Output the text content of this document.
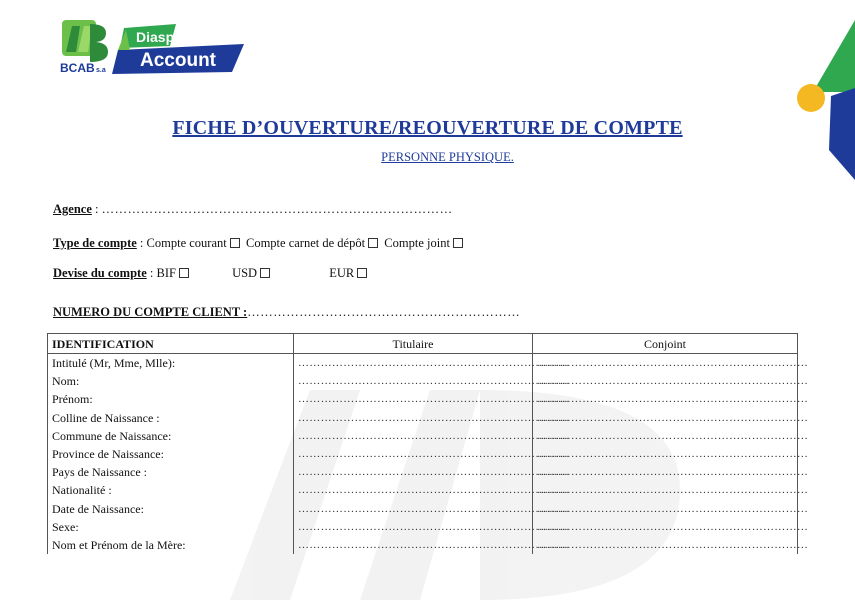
BCAB s.a
Diaspora
Account
FICHE D’OUVERTURE/REOUVERTURE DE COMPTE
PERSONNE PHYSIQUE.
Agence : ………………………………………………………………………
Type de compte : Compte courant Compte carnet de dépôt Compte joint
Devise du compte : BIF	USD	EUR
NUMERO DU COMPTE CLIENT :………………………………………………………
IDENTIFICATION	Titulaire	Conjoint
Intitulé (Mr, Mme, Mlle):	………………………………………………………………	………………………………………………………………
Nom:	………………………………………………………………	………………………………………………………………
Prénom:	………………………………………………………………	………………………………………………………………
Colline de Naissance :	………………………………………………………………	………………………………………………………………
Commune de Naissance:	………………………………………………………………	………………………………………………………………
Province de Naissance:	………………………………………………………………	………………………………………………………………
Pays de Naissance :	………………………………………………………………	………………………………………………………………
Nationalité :	………………………………………………………………	………………………………………………………………
Date de Naissance:	………………………………………………………………	………………………………………………………………
Sexe:	………………………………………………………………	………………………………………………………………
Nom et Prénom de la Mère:	………………………………………………………………	………………………………………………………………
